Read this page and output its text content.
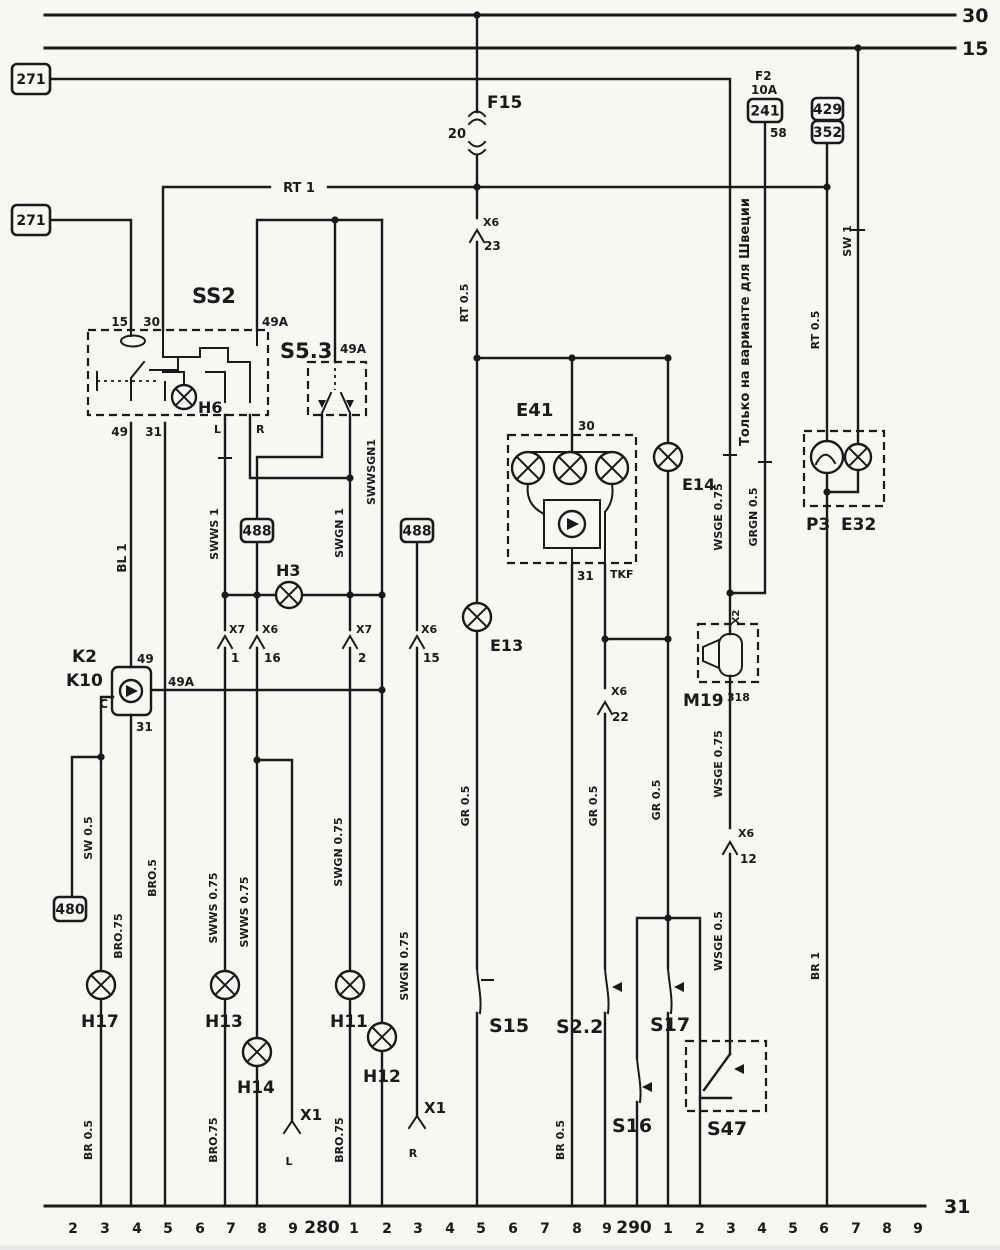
271
271
241 429
352
488	488
480
30
15
31
F15
20
X6
23
RT 1
F2
10A
58
SS2
S5.3
15 30	49A
49 31	L	R
49A
H6
H3
K2
K10
49
49A
31
C
E41
30
31 TKF
E13
E14
P3 E32
M19 318
X2
X6
22
X6
12
X7
1
X6
16
X7
2
X6
15
X1
L
X1
R
H17	H13
H14
H11
H12
S15 S2.2 S17
S16	S47
BL 1	SWWS 1	SWGN 1
SWWSGN1
RT 0.5
RT 0.5
SW 1
Только на варианте для Швеции
WSGE 0.75 GRGN 0.5
WSGE 0.75
WSGE 0.5
SW 0.5
BRO.75
BRO.5
BR 0.5
SWWS 0.75 SWWS 0.75
BRO.75
SWGN 0.75
SWGN 0.75
BRO.75
GR 0.5
BR 0.5
GR 0.5	GR 0.5
BR 1
2 3 4 5 6 7 8 9 280 1 2 3 4 5 6 7 8 9 290 1 2 3 4 5 6 7 8 9
